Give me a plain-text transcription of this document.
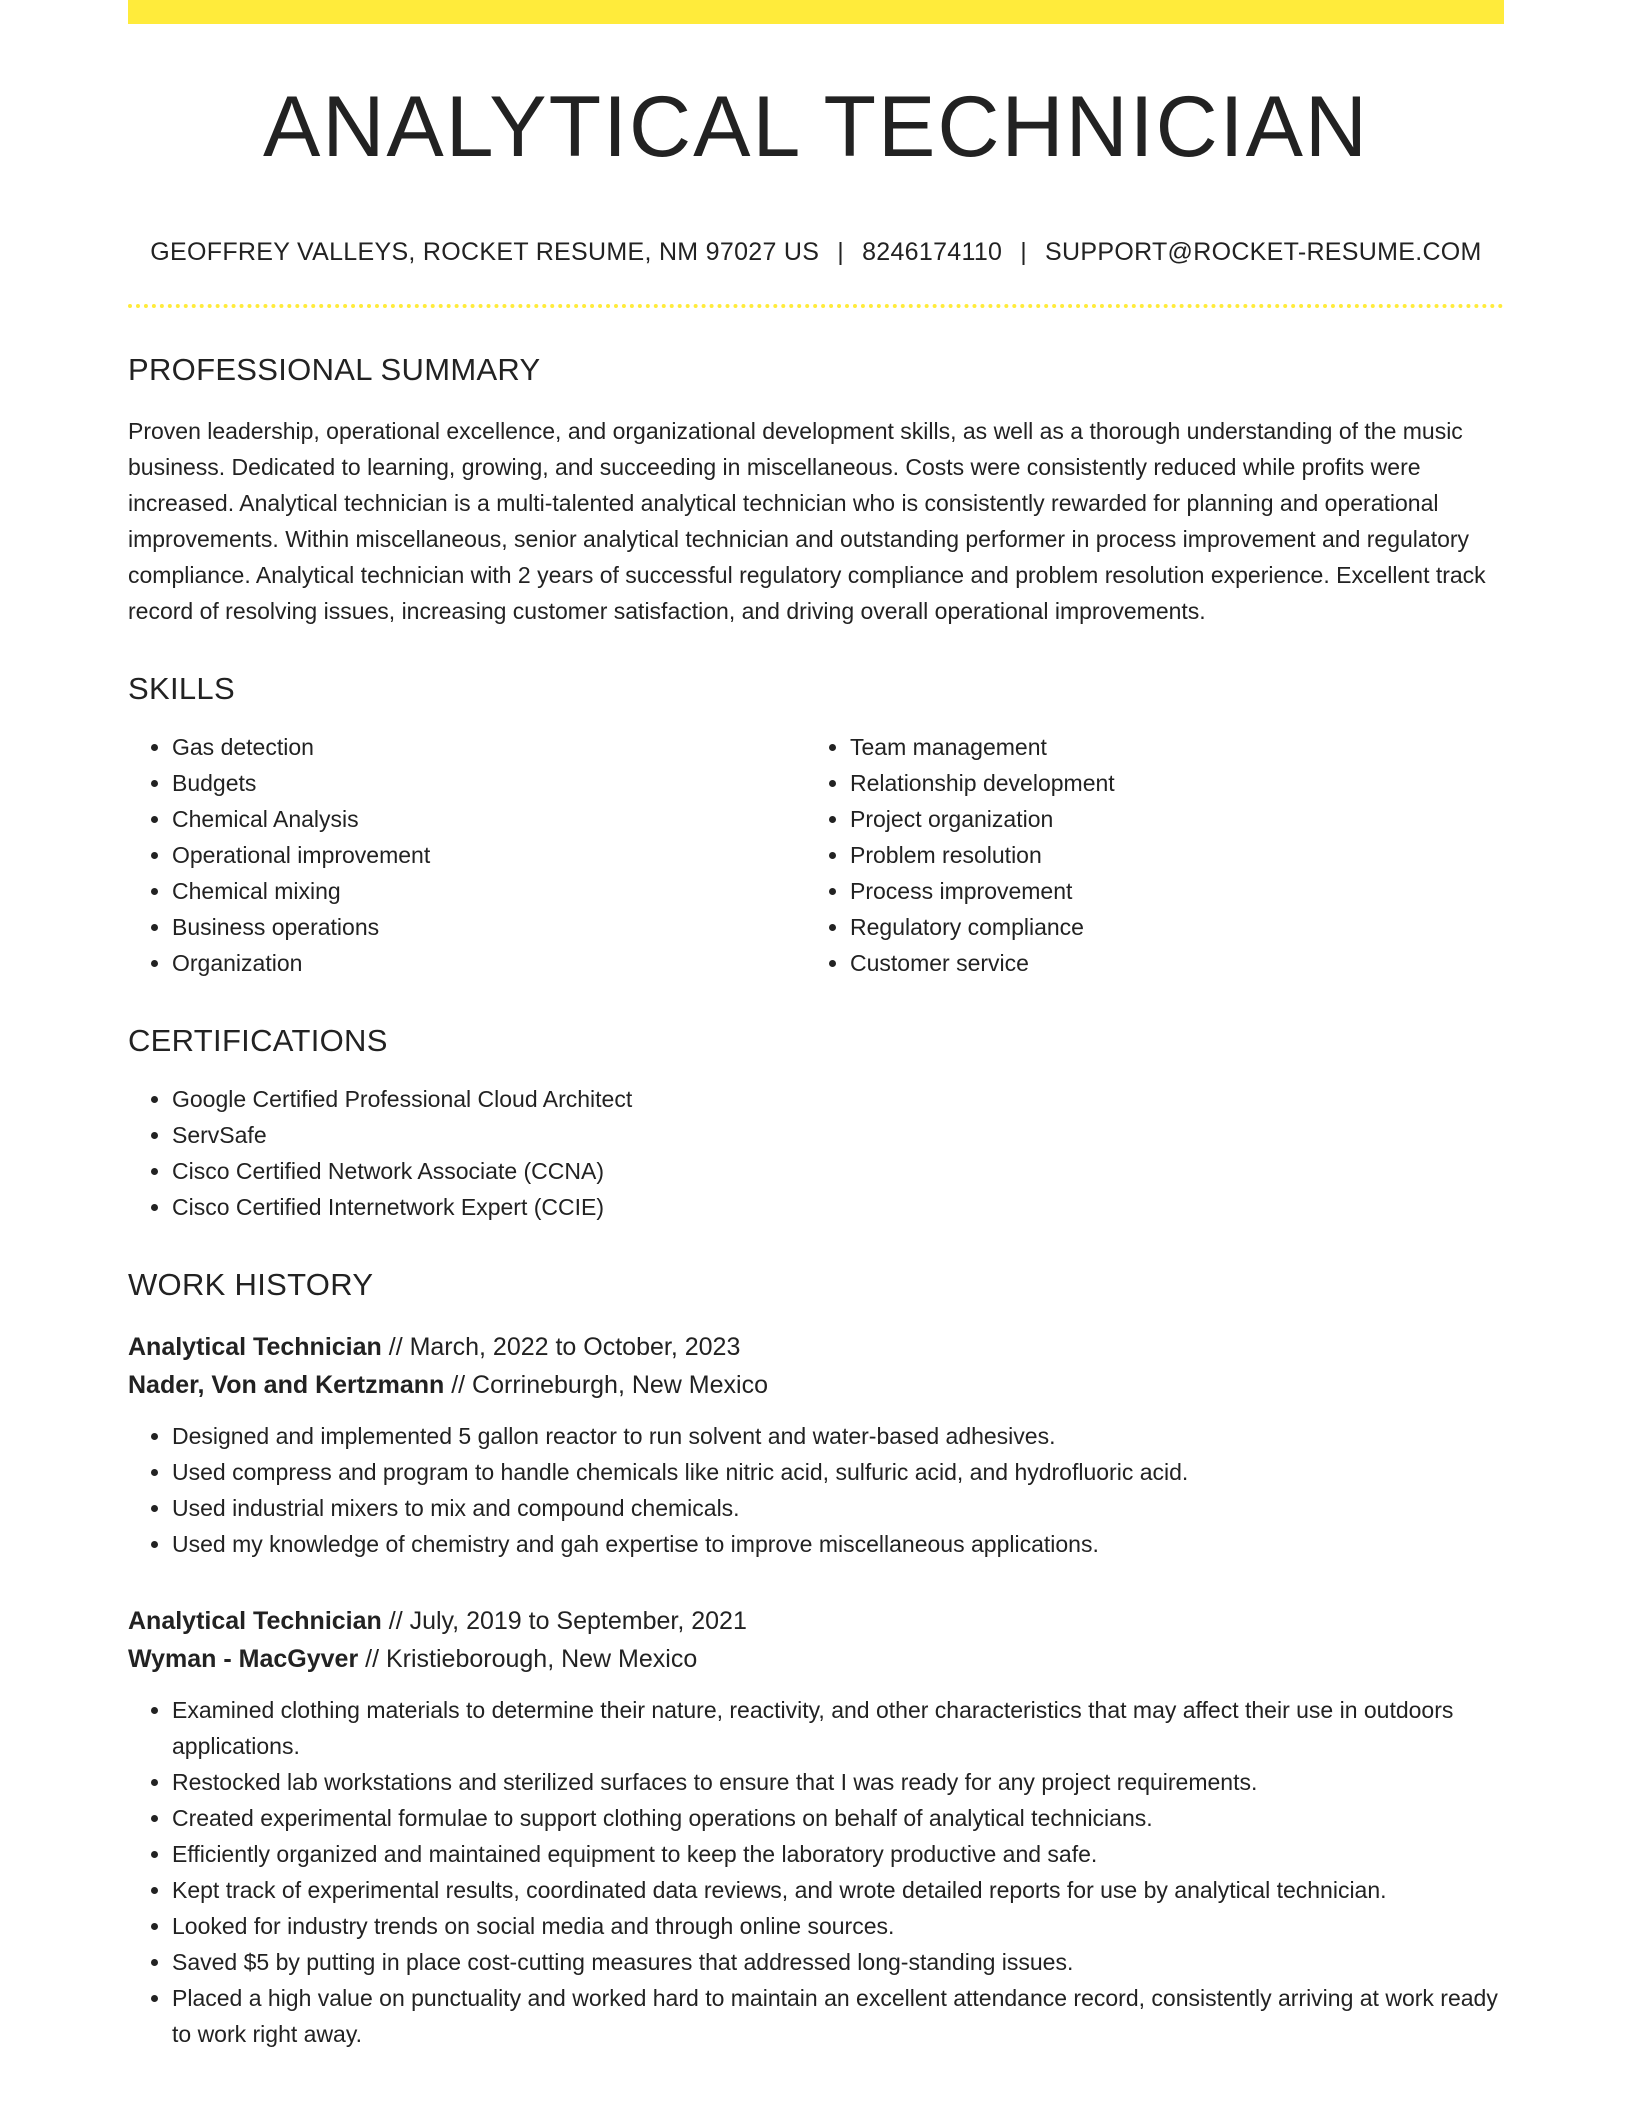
ANALYTICAL TECHNICIAN
GEOFFREY VALLEYS, ROCKET RESUME, NM 97027 US | 8246174110 | SUPPORT@ROCKET-RESUME.COM
PROFESSIONAL SUMMARY

Proven leadership, operational excellence, and organizational development skills, as well as a thorough understanding of the music business. Dedicated to learning, growing, and succeeding in miscellaneous. Costs were consistently reduced while profits were increased. Analytical technician is a multi-talented analytical technician who is consistently rewarded for planning and operational improvements. Within miscellaneous, senior analytical technician and outstanding performer in process improvement and regulatory compliance. Analytical technician with 2 years of successful regulatory compliance and problem resolution experience. Excellent track record of resolving issues, increasing customer satisfaction, and driving overall operational improvements.

SKILLS
• Gas detection
• Budgets
• Chemical Analysis
• Operational improvement
• Chemical mixing
• Business operations
• Organization
• Team management
• Relationship development
• Project organization
• Problem resolution
• Process improvement
• Regulatory compliance
• Customer service
CERTIFICATIONS
• Google Certified Professional Cloud Architect
• ServSafe
• Cisco Certified Network Associate (CCNA)
• Cisco Certified Internetwork Expert (CCIE)
WORK HISTORY
Analytical Technician // March, 2022 to October, 2023
Nader, Von and Kertzmann // Corrineburgh, New Mexico
• Designed and implemented 5 gallon reactor to run solvent and water-based adhesives.
• Used compress and program to handle chemicals like nitric acid, sulfuric acid, and hydrofluoric acid.
• Used industrial mixers to mix and compound chemicals.
• Used my knowledge of chemistry and gah expertise to improve miscellaneous applications.
Analytical Technician // July, 2019 to September, 2021
Wyman - MacGyver // Kristieborough, New Mexico
• Examined clothing materials to determine their nature, reactivity, and other characteristics that may affect their use in outdoors applications.
• Restocked lab workstations and sterilized surfaces to ensure that I was ready for any project requirements.
• Created experimental formulae to support clothing operations on behalf of analytical technicians.
• Efficiently organized and maintained equipment to keep the laboratory productive and safe.
• Kept track of experimental results, coordinated data reviews, and wrote detailed reports for use by analytical technician.
• Looked for industry trends on social media and through online sources.
• Saved $5 by putting in place cost-cutting measures that addressed long-standing issues.
• Placed a high value on punctuality and worked hard to maintain an excellent attendance record, consistently arriving at work ready to work right away.
